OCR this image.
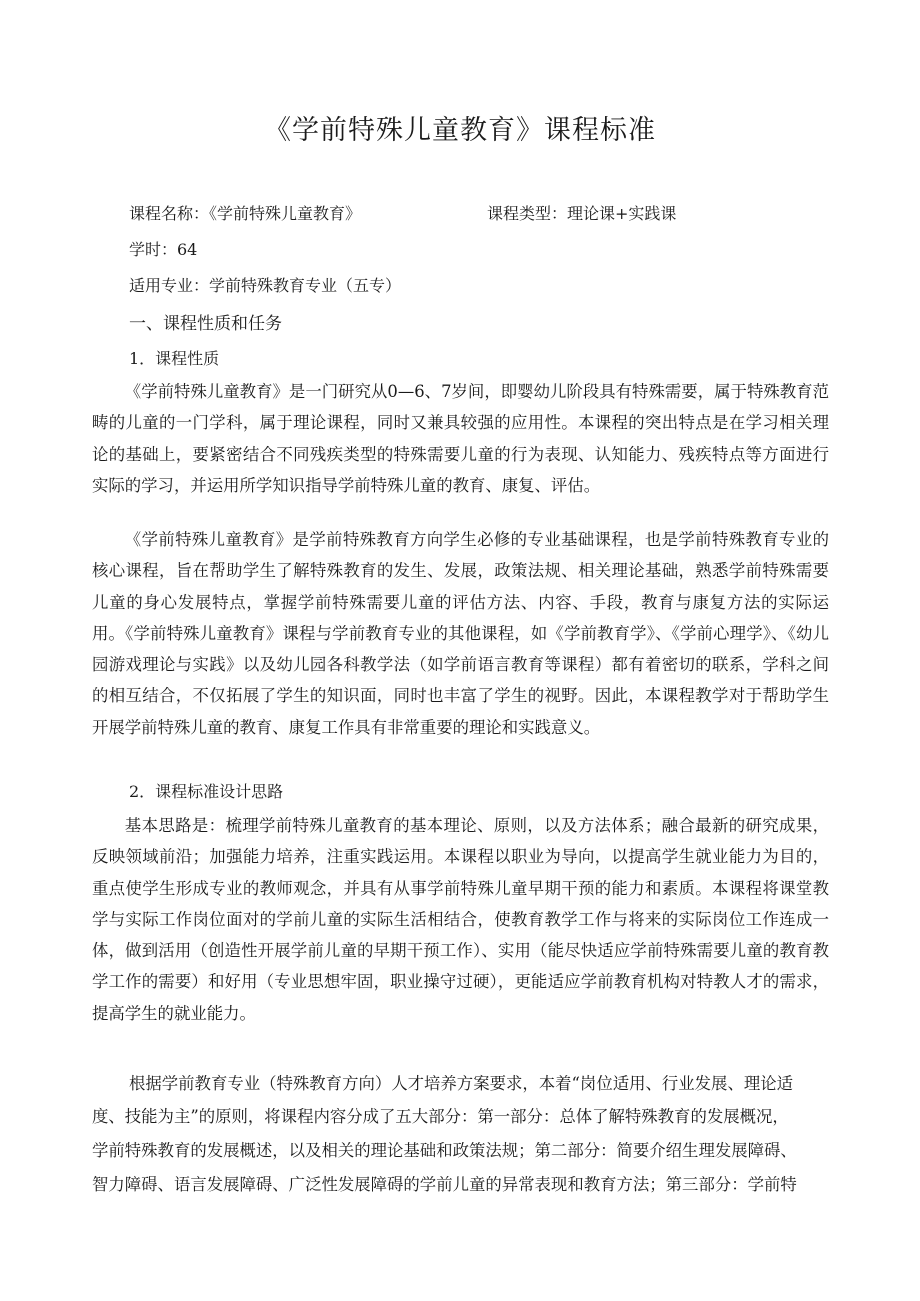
《学前特殊儿童教育》课程标准

课程名称：《学前特殊儿童教育》	课程类型：理论课+实践课

学时：64

适用专业：学前特殊教育专业（五专）

一、课程性质和任务

1．课程性质

《学前特殊儿童教育》是一门研究从0—6、7岁间，即婴幼儿阶段具有特殊需要，属于特殊教育范畴的儿童的一门学科，属于理论课程，同时又兼具较强的应用性。本课程的突出特点是在学习相关理论的基础上，要紧密结合不同残疾类型的特殊需要儿童的行为表现、认知能力、残疾特点等方面进行实际的学习，并运用所学知识指导学前特殊儿童的教育、康复、评估。

《学前特殊儿童教育》是学前特殊教育方向学生必修的专业基础课程，也是学前特殊教育专业的核心课程，旨在帮助学生了解特殊教育的发生、发展，政策法规、相关理论基础，熟悉学前特殊需要儿童的身心发展特点，掌握学前特殊需要儿童的评估方法、内容、手段，教育与康复方法的实际运用。《学前特殊儿童教育》课程与学前教育专业的其他课程，如《学前教育学》、《学前心理学》、《幼儿园游戏理论与实践》以及幼儿园各科教学法（如学前语言教育等课程）都有着密切的联系，学科之间的相互结合，不仅拓展了学生的知识面，同时也丰富了学生的视野。因此，本课程教学对于帮助学生开展学前特殊儿童的教育、康复工作具有非常重要的理论和实践意义。

2．课程标准设计思路

基本思路是：梳理学前特殊儿童教育的基本理论、原则，以及方法体系；融合最新的研究成果，反映领域前沿；加强能力培养，注重实践运用。本课程以职业为导向，以提高学生就业能力为目的，重点使学生形成专业的教师观念，并具有从事学前特殊儿童早期干预的能力和素质。本课程将课堂教学与实际工作岗位面对的学前儿童的实际生活相结合，使教育教学工作与将来的实际岗位工作连成一体，做到活用（创造性开展学前儿童的早期干预工作）、实用（能尽快适应学前特殊需要儿童的教育教学工作的需要）和好用（专业思想牢固，职业操守过硬），更能适应学前教育机构对特教人才的需求，提高学生的就业能力。

根据学前教育专业（特殊教育方向）人才培养方案要求，本着“岗位适用、行业发展、理论适

度、技能为主”的原则，将课程内容分成了五大部分：第一部分：总体了解特殊教育的发展概况，

学前特殊教育的发展概述，以及相关的理论基础和政策法规；第二部分：简要介绍生理发展障碍、

智力障碍、语言发展障碍、广泛性发展障碍的学前儿童的异常表现和教育方法；第三部分：学前特
